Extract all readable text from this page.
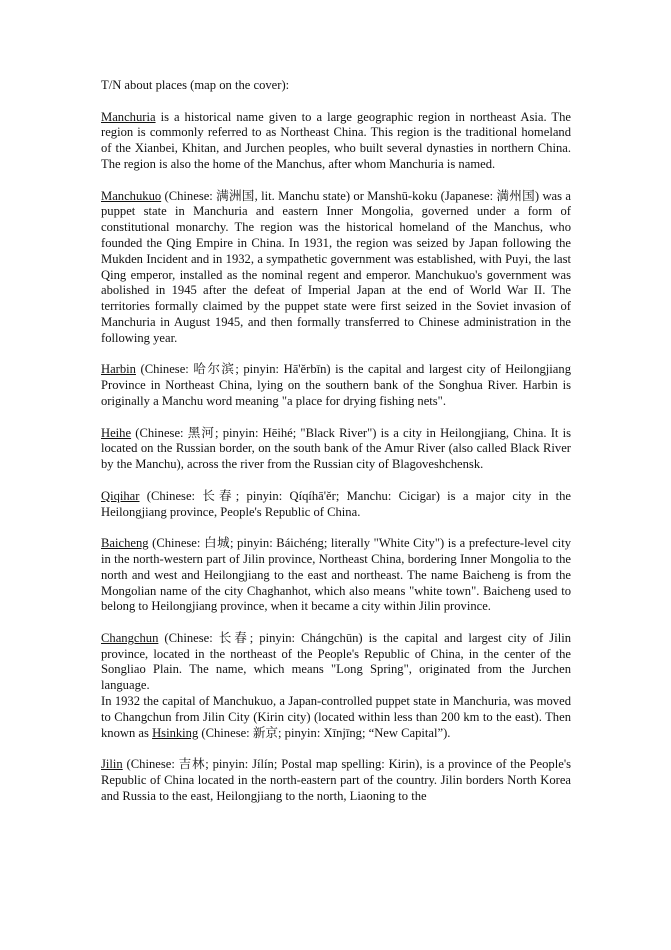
T/N about places (map on the cover):

Manchuria is a historical name given to a large geographic region in northeast Asia. The region is commonly referred to as Northeast China. This region is the traditional homeland of the Xianbei, Khitan, and Jurchen peoples, who built several dynasties in northern China. The region is also the home of the Manchus, after whom Manchuria is named.

Manchukuo (Chinese: 满洲国, lit. Manchu state) or Manshū-koku (Japanese: 満州国) was a puppet state in Manchuria and eastern Inner Mongolia, governed under a form of constitutional monarchy. The region was the historical homeland of the Manchus, who founded the Qing Empire in China. In 1931, the region was seized by Japan following the Mukden Incident and in 1932, a sympathetic government was established, with Puyi, the last Qing emperor, installed as the nominal regent and emperor. Manchukuo's government was abolished in 1945 after the defeat of Imperial Japan at the end of World War II. The territories formally claimed by the puppet state were first seized in the Soviet invasion of Manchuria in August 1945, and then formally transferred to Chinese administration in the following year.

Harbin (Chinese: 哈尔滨; pinyin: Hā'ěrbīn) is the capital and largest city of Heilongjiang Province in Northeast China, lying on the southern bank of the Songhua River. Harbin is originally a Manchu word meaning "a place for drying fishing nets".

Heihe (Chinese: 黑河; pinyin: Hēihé; "Black River") is a city in Heilongjiang, China. It is located on the Russian border, on the south bank of the Amur River (also called Black River by the Manchu), across the river from the Russian city of Blagoveshchensk.

Qiqihar (Chinese: 长春; pinyin: Qíqíhā'ěr; Manchu: Cicigar) is a major city in the Heilongjiang province, People's Republic of China.

Baicheng (Chinese: 白城; pinyin: Báichéng; literally "White City") is a prefecture-level city in the north-western part of Jilin province, Northeast China, bordering Inner Mongolia to the north and west and Heilongjiang to the east and northeast. The name Baicheng is from the Mongolian name of the city Chaghanhot, which also means "white town". Baicheng used to belong to Heilongjiang province, when it became a city within Jilin province.

Changchun (Chinese: 长春; pinyin: Chángchūn) is the capital and largest city of Jilin province, located in the northeast of the People's Republic of China, in the center of the Songliao Plain. The name, which means "Long Spring", originated from the Jurchen language.

In 1932 the capital of Manchukuo, a Japan-controlled puppet state in Manchuria, was moved to Changchun from Jilin City (Kirin city) (located within less than 200 km to the east). Then known as Hsinking (Chinese: 新京; pinyin: Xīnjīng; “New Capital”).

Jilin (Chinese: 吉林; pinyin: Jílín; Postal map spelling: Kirin), is a province of the People's Republic of China located in the north-eastern part of the country. Jilin borders North Korea and Russia to the east, Heilongjiang to the north, Liaoning to the
